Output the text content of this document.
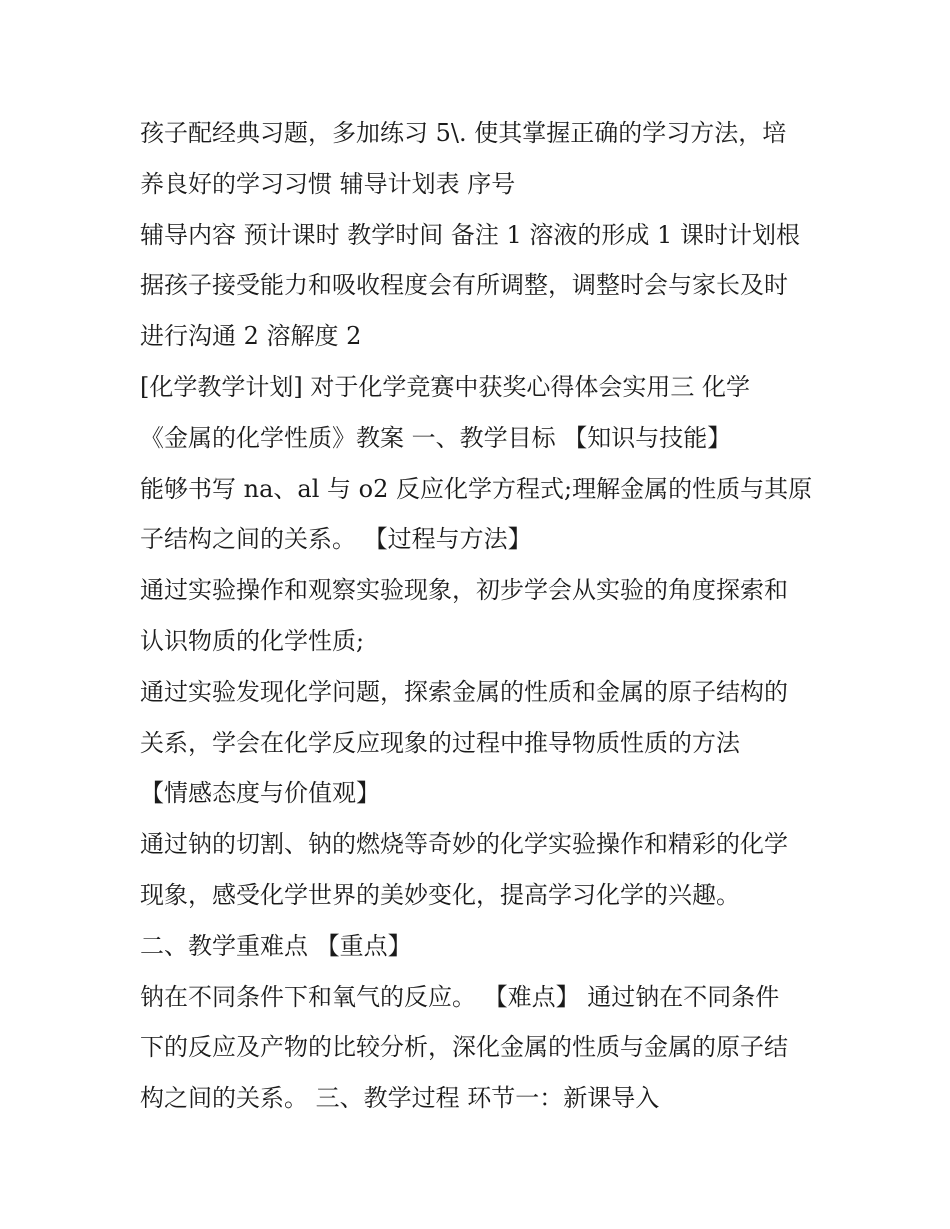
孩子配经典习题，多加练习 5\. 使其掌握正确的学习方法，培

养良好的学习习惯 辅导计划表 序号

辅导内容 预计课时 教学时间 备注 1 溶液的形成 1 课时计划根

据孩子接受能力和吸收程度会有所调整，调整时会与家长及时

进行沟通 2 溶解度 2

[化学教学计划] 对于化学竞赛中获奖心得体会实用三 化学

《金属的化学性质》教案 一、教学目标 【知识与技能】

能够书写 na、al 与 o2 反应化学方程式;理解金属的性质与其原

子结构之间的关系。 【过程与方法】

通过实验操作和观察实验现象，初步学会从实验的角度探索和

认识物质的化学性质;

通过实验发现化学问题，探索金属的性质和金属的原子结构的

关系，学会在化学反应现象的过程中推导物质性质的方法

【情感态度与价值观】

通过钠的切割、钠的燃烧等奇妙的化学实验操作和精彩的化学

现象，感受化学世界的美妙变化，提高学习化学的兴趣。

二、教学重难点 【重点】

钠在不同条件下和氧气的反应。 【难点】 通过钠在不同条件

下的反应及产物的比较分析，深化金属的性质与金属的原子结

构之间的关系。 三、教学过程 环节一：新课导入
